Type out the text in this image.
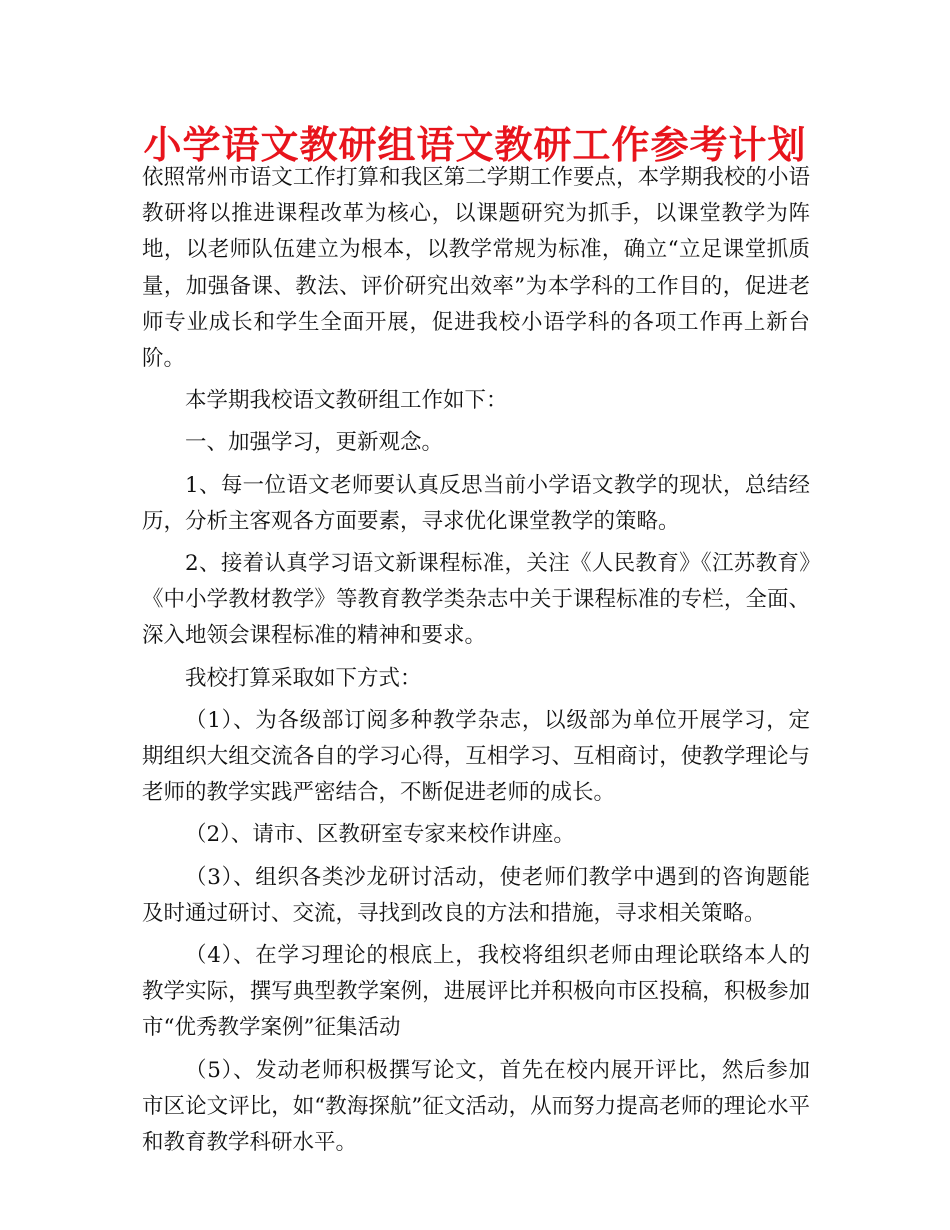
小学语文教研组语文教研工作参考计划

依照常州市语文工作打算和我区第二学期工作要点，本学期我校的小语教研将以推进课程改革为核心，以课题研究为抓手，以课堂教学为阵地，以老师队伍建立为根本，以教学常规为标准，确立“立足课堂抓质量，加强备课、教法、评价研究出效率”为本学科的工作目的，促进老师专业成长和学生全面开展，促进我校小语学科的各项工作再上新台阶。

本学期我校语文教研组工作如下：

一、加强学习，更新观念。

1、每一位语文老师要认真反思当前小学语文教学的现状，总结经历，分析主客观各方面要素，寻求优化课堂教学的策略。

2、接着认真学习语文新课程标准，关注《人民教育》《江苏教育》《中小学教材教学》等教育教学类杂志中关于课程标准的专栏，全面、深入地领会课程标准的精神和要求。

我校打算采取如下方式：

（1）、为各级部订阅多种教学杂志，以级部为单位开展学习，定期组织大组交流各自的学习心得，互相学习、互相商讨，使教学理论与老师的教学实践严密结合，不断促进老师的成长。

（2）、请市、区教研室专家来校作讲座。

（3）、组织各类沙龙研讨活动，使老师们教学中遇到的咨询题能及时通过研讨、交流，寻找到改良的方法和措施，寻求相关策略。

（4）、在学习理论的根底上，我校将组织老师由理论联络本人的教学实际，撰写典型教学案例，进展评比并积极向市区投稿，积极参加市“优秀教学案例”征集活动

（5）、发动老师积极撰写论文，首先在校内展开评比，然后参加市区论文评比，如“教海探航”征文活动，从而努力提高老师的理论水平和教育教学科研水平。
